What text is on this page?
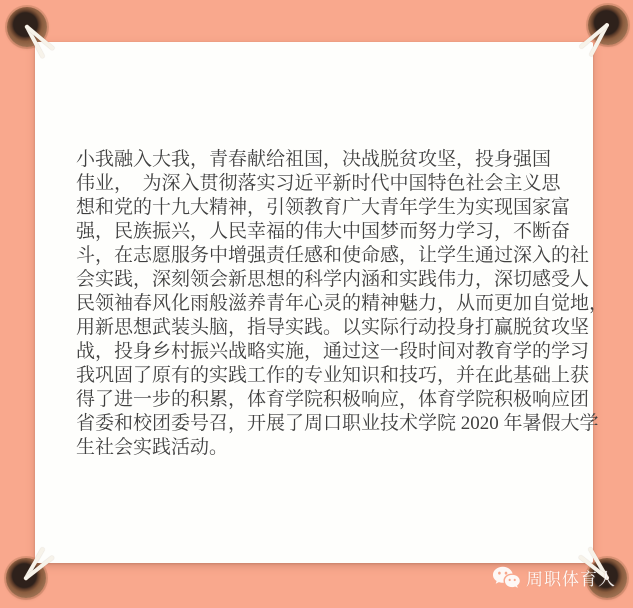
小我融入大我，青春献给祖国，决战脱贫攻坚，投身强国
伟业，　为深入贯彻落实习近平新时代中国特色社会主义思
想和党的十九大精神，引领教育广大青年学生为实现国家富
强，民族振兴，人民幸福的伟大中国梦而努力学习，不断奋
斗，在志愿服务中增强责任感和使命感，让学生通过深入的社
会实践，深刻领会新思想的科学内涵和实践伟力，深切感受人
民领袖春风化雨般滋养青年心灵的精神魅力，从而更加自觉地，
用新思想武装头脑，指导实践。以实际行动投身打赢脱贫攻坚
战，投身乡村振兴战略实施，通过这一段时间对教育学的学习
我巩固了原有的实践工作的专业知识和技巧，并在此基础上获
得了进一步的积累，体育学院积极响应，体育学院积极响应团
省委和校团委号召，开展了周口职业技术学院 2020 年暑假大学
生社会实践活动。
周职体育人
